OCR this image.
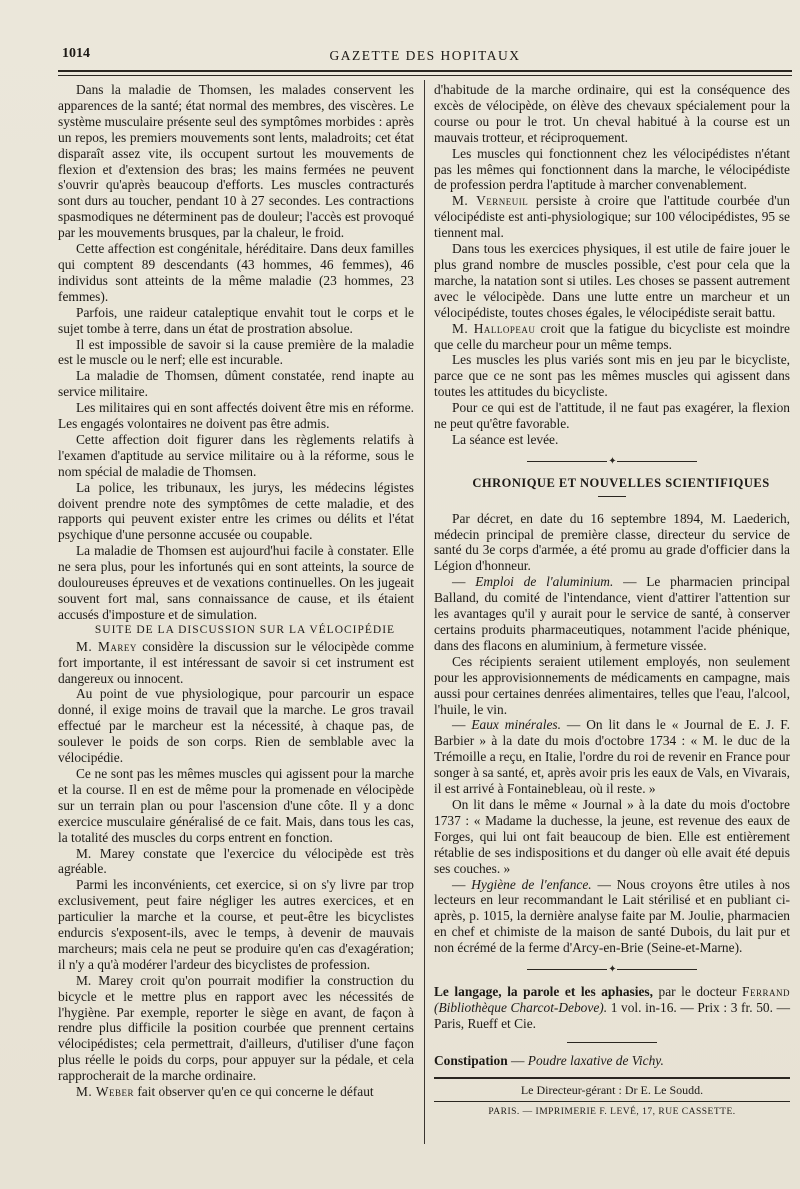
1014	GAZETTE DES HOPITAUX

Dans la maladie de Thomsen, les malades conservent les apparences de la santé; état normal des membres, des viscères. Le système musculaire présente seul des symptômes morbides : après un repos, les premiers mouvements sont lents, maladroits; cet état disparaît assez vite, ils occupent surtout les mouvements de flexion et d'extension des bras; les mains fermées ne peuvent s'ouvrir qu'après beaucoup d'efforts. Les muscles contracturés sont durs au toucher, pendant 10 à 27 secondes. Les contractions spasmodiques ne déterminent pas de douleur; l'accès est provoqué par les mouvements brusques, par la chaleur, le froid.

Cette affection est congénitale, héréditaire. Dans deux familles qui comptent 89 descendants (43 hommes, 46 femmes), 46 individus sont atteints de la même maladie (23 hommes, 23 femmes).

Parfois, une raideur cataleptique envahit tout le corps et le sujet tombe à terre, dans un état de prostration absolue.

Il est impossible de savoir si la cause première de la maladie est le muscle ou le nerf; elle est incurable.

La maladie de Thomsen, dûment constatée, rend inapte au service militaire.

Les militaires qui en sont affectés doivent être mis en réforme. Les engagés volontaires ne doivent pas être admis.

Cette affection doit figurer dans les règlements relatifs à l'examen d'aptitude au service militaire ou à la réforme, sous le nom spécial de maladie de Thomsen.

La police, les tribunaux, les jurys, les médecins légistes doivent prendre note des symptômes de cette maladie, et des rapports qui peuvent exister entre les crimes ou délits et l'état psychique d'une personne accusée ou coupable.

La maladie de Thomsen est aujourd'hui facile à constater. Elle ne sera plus, pour les infortunés qui en sont atteints, la source de douloureuses épreuves et de vexations continuelles. On les jugeait souvent fort mal, sans connaissance de cause, et ils étaient accusés d'imposture et de simulation.

SUITE DE LA DISCUSSION SUR LA VÉLOCIPÉDIE

M. Marey considère la discussion sur le vélocipède comme fort importante, il est intéressant de savoir si cet instrument est dangereux ou innocent.

Au point de vue physiologique, pour parcourir un espace donné, il exige moins de travail que la marche. Le gros travail effectué par le marcheur est la nécessité, à chaque pas, de soulever le poids de son corps. Rien de semblable avec la vélocipédie.

Ce ne sont pas les mêmes muscles qui agissent pour la marche et la course. Il en est de même pour la promenade en vélocipède sur un terrain plan ou pour l'ascension d'une côte. Il y a donc exercice musculaire généralisé de ce fait. Mais, dans tous les cas, la totalité des muscles du corps entrent en fonction.

M. Marey constate que l'exercice du vélocipède est très agréable.

Parmi les inconvénients, cet exercice, si on s'y livre par trop exclusivement, peut faire négliger les autres exercices, et en particulier la marche et la course, et peut-être les bicyclistes endurcis s'exposent-ils, avec le temps, à devenir de mauvais marcheurs; mais cela ne peut se produire qu'en cas d'exagération; il n'y a qu'à modérer l'ardeur des bicyclistes de profession.

M. Marey croit qu'on pourrait modifier la construction du bicycle et le mettre plus en rapport avec les nécessités de l'hygiène. Par exemple, reporter le siège en avant, de façon à rendre plus difficile la position courbée que prennent certains vélocipédistes; cela permettrait, d'ailleurs, d'utiliser d'une façon plus réelle le poids du corps, pour appuyer sur la pédale, et cela rapprocherait de la marche ordinaire.

M. Weber fait observer qu'en ce qui concerne le défaut

d'habitude de la marche ordinaire, qui est la conséquence des excès de vélocipède, on élève des chevaux spécialement pour la course ou pour le trot. Un cheval habitué à la course est un mauvais trotteur, et réciproquement.

Les muscles qui fonctionnent chez les vélocipédistes n'étant pas les mêmes qui fonctionnent dans la marche, le vélocipédiste de profession perdra l'aptitude à marcher convenablement.

M. Verneuil persiste à croire que l'attitude courbée d'un vélocipédiste est anti-physiologique; sur 100 vélocipédistes, 95 se tiennent mal.

Dans tous les exercices physiques, il est utile de faire jouer le plus grand nombre de muscles possible, c'est pour cela que la marche, la natation sont si utiles. Les choses se passent autrement avec le vélocipède. Dans une lutte entre un marcheur et un vélocipédiste, toutes choses égales, le vélocipédiste serait battu.

M. Hallopeau croit que la fatigue du bicycliste est moindre que celle du marcheur pour un même temps.

Les muscles les plus variés sont mis en jeu par le bicycliste, parce que ce ne sont pas les mêmes muscles qui agissent dans toutes les attitudes du bicycliste.

Pour ce qui est de l'attitude, il ne faut pas exagérer, la flexion ne peut qu'être favorable.

La séance est levée.

✦

CHRONIQUE ET NOUVELLES SCIENTIFIQUES

Par décret, en date du 16 septembre 1894, M. Laederich, médecin principal de première classe, directeur du service de santé du 3e corps d'armée, a été promu au grade d'officier dans la Légion d'honneur.

— Emploi de l'aluminium. — Le pharmacien principal Balland, du comité de l'intendance, vient d'attirer l'attention sur les avantages qu'il y aurait pour le service de santé, à conserver certains produits pharmaceutiques, notamment l'acide phénique, dans des flacons en aluminium, à fermeture vissée.

Ces récipients seraient utilement employés, non seulement pour les approvisionnements de médicaments en campagne, mais aussi pour certaines denrées alimentaires, telles que l'eau, l'alcool, l'huile, le vin.

— Eaux minérales. — On lit dans le « Journal de E. J. F. Barbier » à la date du mois d'octobre 1734 : « M. le duc de la Trémoille a reçu, en Italie, l'ordre du roi de revenir en France pour songer à sa santé, et, après avoir pris les eaux de Vals, en Vivarais, il est arrivé à Fontainebleau, où il reste. »

On lit dans le même « Journal » à la date du mois d'octobre 1737 : « Madame la duchesse, la jeune, est revenue des eaux de Forges, qui lui ont fait beaucoup de bien. Elle est entièrement rétablie de ses indispositions et du danger où elle avait été depuis ses couches. »

— Hygiène de l'enfance. — Nous croyons être utiles à nos lecteurs en leur recommandant le Lait stérilisé et en publiant ci-après, p. 1015, la dernière analyse faite par M. Joulie, pharmacien en chef et chimiste de la maison de santé Dubois, du lait pur et non écrémé de la ferme d'Arcy-en-Brie (Seine-et-Marne).

✦

Le langage, la parole et les aphasies, par le docteur Ferrand (Bibliothèque Charcot-Debove). 1 vol. in-16. — Prix : 3 fr. 50. — Paris, Rueff et Cie.

Constipation — Poudre laxative de Vichy.

Le Directeur-gérant : Dr E. Le Soudd.
PARIS. — IMPRIMERIE F. LEVÉ, 17, RUE CASSETTE.
